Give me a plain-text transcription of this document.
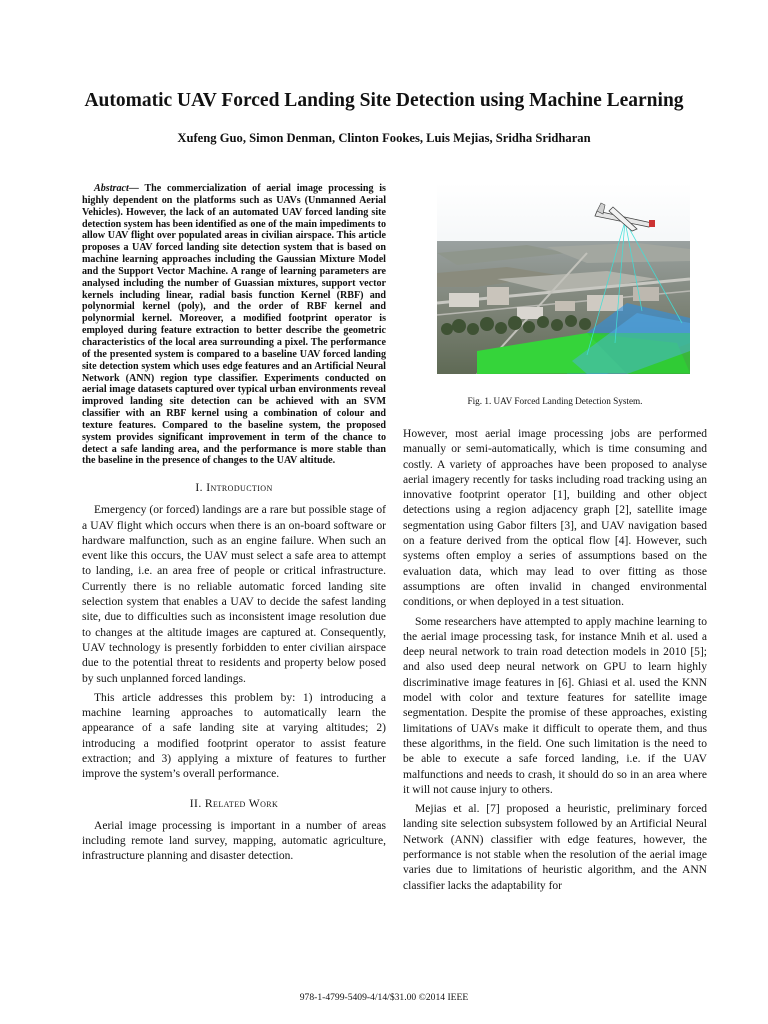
Automatic UAV Forced Landing Site Detection using Machine Learning
Xufeng Guo, Simon Denman, Clinton Fookes, Luis Mejias, Sridha Sridharan

Abstract— The commercialization of aerial image processing is highly dependent on the platforms such as UAVs (Unmanned Aerial Vehicles). However, the lack of an automated UAV forced landing site detection system has been identified as one of the main impediments to allow UAV flight over populated areas in civilian airspace. This article proposes a UAV forced landing site detection system that is based on machine learning approaches including the Gaussian Mixture Model and the Support Vector Machine. A range of learning parameters are analysed including the number of Guassian mixtures, support vector kernels including linear, radial basis function Kernel (RBF) and polynormial kernel (poly), and the order of RBF kernel and polynormial kernel. Moreover, a modified footprint operator is employed during feature extraction to better describe the geometric characteristics of the local area surrounding a pixel. The performance of the presented system is compared to a baseline UAV forced landing site detection system which uses edge features and an Artificial Neural Network (ANN) region type classifier. Experiments conducted on aerial image datasets captured over typical urban environments reveal improved landing site detection can be achieved with an SVM classifier with an RBF kernel using a combination of colour and texture features. Compared to the baseline system, the proposed system provides significant improvement in term of the chance to detect a safe landing area, and the performance is more stable than the baseline in the presence of changes to the UAV altitude.

I. Introduction

Emergency (or forced) landings are a rare but possible stage of a UAV flight which occurs when there is an on-board software or hardware malfunction, such as an engine failure. When such an event like this occurs, the UAV must select a safe area to attempt to landing, i.e. an area free of people or critical infrastructure. Currently there is no reliable automatic forced landing site selection system that enables a UAV to decide the safest landing site, due to difficulties such as inconsistent image resolution due to changes at the altitude images are captured at. Consequently, UAV technology is presently forbidden to enter civilian airspace due to the potential threat to residents and property below posed by such unplanned forced landings.

This article addresses this problem by: 1) introducing a machine learning approaches to automatically learn the appearance of a safe landing site at varying altitudes; 2) introducing a modified footprint operator to assist feature extraction; and 3) applying a mixture of features to further improve the system’s overall performance.

II. Related Work

Aerial image processing is important in a number of areas including remote land survey, mapping, automatic agriculture, infrastructure planning and disaster detection.

Fig. 1. UAV Forced Landing Detection System.

However, most aerial image processing jobs are performed manually or semi-automatically, which is time consuming and costly. A variety of approaches have been proposed to analyse aerial imagery recently for tasks including road tracking using an innovative footprint operator [1], building and other object detections using a region adjacency graph [2], satellite image segmentation using Gabor filters [3], and UAV navigation based on a feature derived from the optical flow [4]. However, such systems often employ a series of assumptions based on the evaluation data, which may lead to over fitting as those assumptions are often invalid in changed environmental conditions, or when deployed in a test situation.

Some researchers have attempted to apply machine learning to the aerial image processing task, for instance Mnih et al. used a deep neural network to train road detection models in 2010 [5]; and also used deep neural network on GPU to learn highly discriminative image features in [6]. Ghiasi et al. used the KNN model with color and texture features for satellite image segmentation. Despite the promise of these approaches, existing limitations of UAVs make it difficult to operate them, and thus these algorithms, in the field. One such limitation is the need to be able to execute a safe forced landing, i.e. if the UAV malfunctions and needs to crash, it should do so in an area where it will not cause injury to others.

Mejias et al. [7] proposed a heuristic, preliminary forced landing site selection subsystem followed by an Artificial Neural Network (ANN) classifier with edge features, however, the performance is not stable when the resolution of the aerial image varies due to limitations of heuristic algorithm, and the ANN classifier lacks the adaptability for

978-1-4799-5409-4/14/$31.00 ©2014 IEEE
